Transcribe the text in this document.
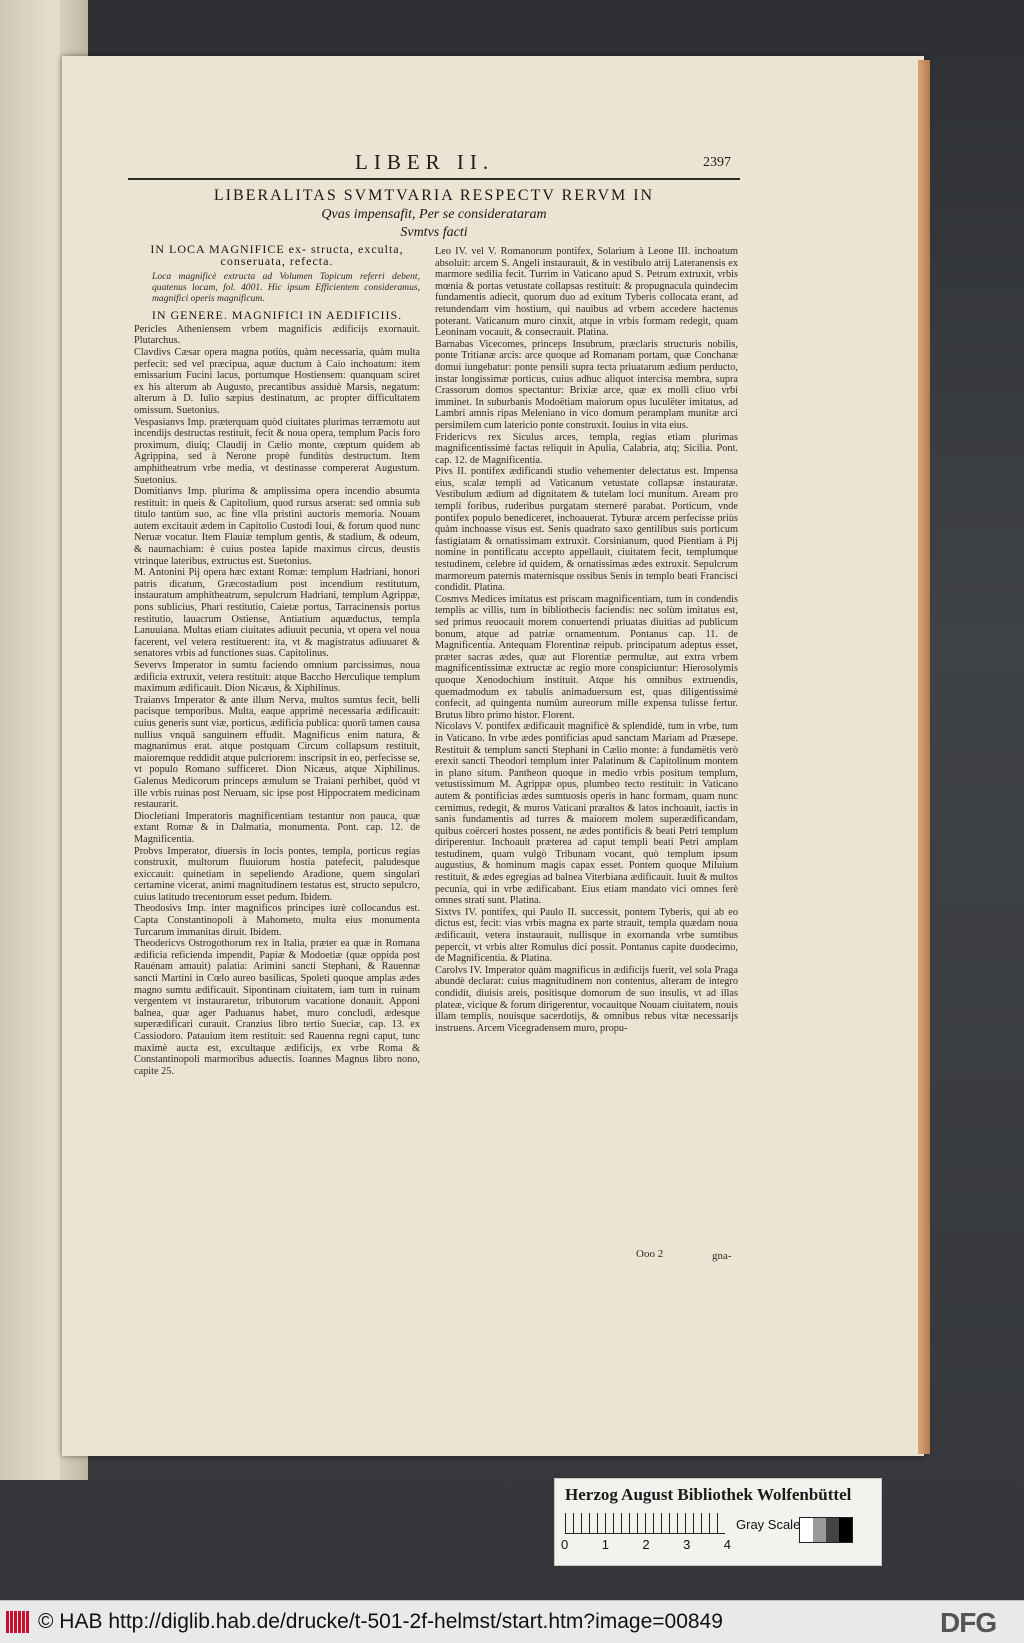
LIBER II.	2397
LIBERALITAS SVMTVARIA RESPECTV RERVM IN
Qvas impensafit, Per se considerataram
Svmtvs facti
IN LOCA MAGNIFICE ex- structa, exculta, conseruata, refecta.
Loca magnificè extructa ad Volumen Topicum referri debent, quatenus locam, fol. 4001. Hic ipsum Efficientem consideramus, magnifici operis magnificum.
IN GENERE. MAGNIFICI IN AEDIFICIIS.

Pericles Atheniensem vrbem magnificis ædificijs exornauit. Plutarchus.

Clavdivs Cæsar opera magna potiùs, quàm necessaria, quàm multa perfecit: sed vel præcipua, aquæ ductum à Caio inchoatum: item emissarium Fucini lacus, portumque Hostiensem: quanquam sciret ex his alterum ab Augusto, precantibus assiduè Marsis, negatum: alterum à D. Iulio sæpius destinatum, ac propter difficultatem omissum. Suetonius.

Vespasianvs Imp. præterquam quòd ciuitates plurimas terræmotu aut incendijs destructas restituit, fecit & noua opera, templum Pacis foro proximum, diuiq; Claudij in Cælio monte, cœptum quidem ab Agrippina, sed à Nerone propè funditùs destructum. Item amphitheatrum vrbe media, vt destinasse compererat Augustum. Suetonius.

Domitianvs Imp. plurima & amplissima opera incendio absumta restituit: in queis & Capitolium, quod rursus arserat: sed omnia sub titulo tantùm suo, ac fine vlla pristini auctoris memoria. Nouam autem excitauit ædem in Capitolio Custodi Ioui, & forum quod nunc Neruæ vocatur. Item Flauiæ templum gentis, & stadium, & odeum, & naumachiam: è cuius postea lapide maximus circus, deustis vtrinque lateribus, extructus est. Suetonius.

M. Antonini Pij opera hæc extant Romæ: templum Hadriani, honori patris dicatum, Græcostadium post incendium restitutum, instauratum amphitheatrum, sepulcrum Hadriani, templum Agrippæ, pons sublicius, Phari restitutio, Caietæ portus, Tarracinensis portus restitutio, lauacrum Ostiense, Antiatium aquæductus, templa Lanuuiana. Multas etiam ciuitates adiuuit pecunia, vt opera vel noua facerent, vel vetera restituerent: ita, vt & magistratus adiuuaret & senatores vrbis ad functiones suas. Capitolinus.

Severvs Imperator in sumtu faciendo omnium parcissimus, noua ædificia extruxit, vetera restituit: atque Baccho Herculique templum maximum ædificauit. Dion Nicæus, & Xiphilinus.

Traianvs Imperator & ante illum Nerva, multos sumtus fecit, belli pacisque temporibus. Multa, eaque apprimè necessaria ædificauit: cuius generis sunt viæ, porticus, ædificia publica: quorū tamen causa nullius vnquā sanguinem effudit. Magnificus enim natura, & magnanimus erat. atque postquam Circum collapsum restituit, maioremque reddidit atque pulcriorem: inscripsit in eo, perfecisse se, vt populo Romano sufficeret. Dion Nicæus, atque Xiphilinus. Galenus Medicorum princeps æmulum se Traiani perhibet, quòd vt ille vrbis ruinas post Neruam, sic ipse post Hippocratem medicinam restaurarit.

Diocletiani Imperatoris magnificentiam testantur non pauca, quæ extant Romæ & in Dalmatia, monumenta. Pont. cap. 12. de Magnificentia.

Probvs Imperator, diuersis in locis pontes, templa, porticus regias construxit, multorum fluuiorum hostia patefecit, paludesque exiccauit: quinetiam in sepeliendo Aradione, quem singulari certamine vicerat, animi magnitudinem testatus est, structo sepulcro, cuius latitudo trecentorum esset pedum. Ibidem.

Theodosivs Imp. inter magnificos principes iurè collocandus est. Capta Constantinopoli à Mahometo, multa eius monumenta Turcarum immanitas diruit. Ibidem.

Theodericvs Ostrogothorum rex in Italia, præter ea quæ in Romana ædificia reficienda impendit, Papiæ & Modoetiæ (quæ oppida post Rauénam amauit) palatia: Arimini sancti Stephani, & Rauennæ sancti Martini in Cœlo aureo basilicas, Spoleti quoque amplas ædes magno sumtu ædificauit. Sipontinam ciuitatem, iam tum in ruinam vergentem vt instauraretur, tributorum vacatione donauit. Apponi balnea, quæ ager Paduanus habet, muro concludi, ædesque superædificari curauit. Cranzius libro tertio Sueciæ, cap. 13. ex Cassiodoro. Patauium item restituit: sed Rauenna regni caput, tunc maximè aucta est, excultaque ædificijs, ex vrbe Roma & Constantinopoli marmoribus aduectis. Ioannes Magnus libro nono, capite 25.

Leo IV. vel V. Romanorum pontifex, Solarium à Leone III. inchoatum absoluit: arcem S. Angeli instaurauit, & in vestibulo atrij Lateranensis ex marmore sedilia fecit. Turrim in Vaticano apud S. Petrum extruxit, vrbis mœnia & portas vetustate collapsas restituit: & propugnacula quindecim fundamentis adiecit, quorum duo ad exitum Tyberis collocata erant, ad retundendam vim hostium, qui nauibus ad vrbem accedere hactenus poterant. Vaticanum muro cinxit, atque in vrbis formam redegit, quam Leoninam vocauit, & consecrauit. Platina.

Barnabas Vicecomes, princeps Insubrum, præclaris structuris nobilis, ponte Tritianæ arcis: arce quoque ad Romanam portam, quæ Conchanæ domui iungebatur: ponte pensili supra tecta priuatarum ædium perducto, instar longissimæ porticus, cuius adhuc aliquot intercisa membra, supra Crassorum domos spectantur: Brixiæ arce, quæ ex molli cliuo vrbi imminet. In suburbanis Modoëtiam maiorum opus luculëter imitatus, ad Lambri amnis ripas Meleniano in vico domum peramplam munitæ arci persimilem cum latericio ponte construxit. Iouius in vita eius.

Fridericvs rex Siculus arces, templa, regias etiam plurimas magnificentissimè factas reliquit in Apulia, Calabria, atq; Sicilia. Pont. cap. 12. de Magnificentia.

Pivs II. pontifex ædificandi studio vehementer delectatus est. Impensa eius, scalæ templi ad Vaticanum vetustate collapsæ instauratæ. Vestibulum ædium ad dignitatem & tutelam loci munitum. Aream pro templi foribus, ruderibus purgatam sterneré parabat. Porticum, vnde pontifex populo benediceret, inchoauerat. Tyburæ arcem perfecisse priùs quàm inchoasse visus est. Senis quadrato saxo gentilibus suis porticum fastigiatam & ornatissimam extruxit. Corsinianum, quod Pientiam à Pij nomine in pontificatu accepto appellauit, ciuitatem fecit, templumque testudinem, celebre id quidem, & ornatissimas ædes extruxit. Sepulcrum marmoreum paternis maternisque ossibus Senis in templo beati Francisci condidit. Platina.

Cosmvs Medices imitatus est priscam magnificentiam, tum in condendis templis ac villis, tum in bibliothecis faciendis: nec solùm imitatus est, sed primus reuocauit morem conuertendi priuatas diuitias ad publicum bonum, atque ad patriæ ornamentum. Pontanus cap. 11. de Magnificentia. Antequam Florentinæ reipub. principatum adeptus esset, præter sacras ædes, quæ aut Florentiæ permultæ, aut extra vrbem magnificentissimæ extructæ ac regio more conspiciuntur: Hierosolymis quoque Xenodochium instituit. Atque his omnibus extruendis, quemadmodum ex tabulis animaduersum est, quas diligentissimè confecit, ad quingenta numûm aureorum mille expensa tulisse fertur. Brutus libro primo histor. Florent.

Nicolavs V. pontifex ædificauit magnificè & splendidè, tum in vrbe, tum in Vaticano. In vrbe ædes pontificias apud sanctam Mariam ad Præsepe. Restituit & templum sancti Stephani in Cælio monte: à fundamëtis verò erexit sancti Theodori templum inter Palatinum & Capitolinum montem in plano situm. Pantheon quoque in medio vrbis positum templum, vetustissimum M. Agrippæ opus, plumbeo tecto restituit: in Vaticano autem & pontificias ædes sumtuosis operis in hanc formam, quam nunc cernimus, redegit, & muros Vaticani præaltos & latos inchoauit, iactis in sanis fundamentis ad turres & maiorem molem superædificandam, quibus coërceri hostes possent, ne ædes pontificis & beati Petri templum diriperentur. Inchoauit præterea ad caput templi beati Petri amplam testudinem, quam vulgò Tribunam vocant, quò templum ipsum augustius, & hominum magis capax esset. Pontem quoque Miluium restituit, & ædes egregias ad balnea Viterbiana ædificauit. Iuuit & multos pecunia, qui in vrbe ædificabant. Eius etiam mandato vici omnes ferè omnes strati sunt. Platina.

Sixtvs IV. pontifex, qui Paulo II. successit, pontem Tyberis, qui ab eo dictus est, fecit: vias vrbis magna ex parte strauit, templa quædam noua ædificauit, vetera instaurauit, nullisque in exornanda vrbe sumtibus pepercit, vt vrbis alter Romulus dici possit. Pontanus capite duodecimo, de Magnificentia. & Platina.

Carolvs IV. Imperator quàm magnificus in ædificijs fuerit, vel sola Praga abundè declarat: cuius magnitudinem non contentus, alteram de integro condidit, diuisis areis, positisque domorum de suo insulis, vt ad illas plateæ, vicique & forum dirigerentur, vocauitque Nouam ciuitatem, nouis illam templis, nouisque sacerdotijs, & omnibus rebus vitæ necessarijs instruens. Arcem Vicegradensem muro, propu-

Ooo 2	gna-
Herzog August Bibliothek Wolfenbüttel
0	1	2	3	4
Gray Scale
© HAB http://diglib.hab.de/drucke/t-501-2f-helmst/start.htm?image=00849	DFG
